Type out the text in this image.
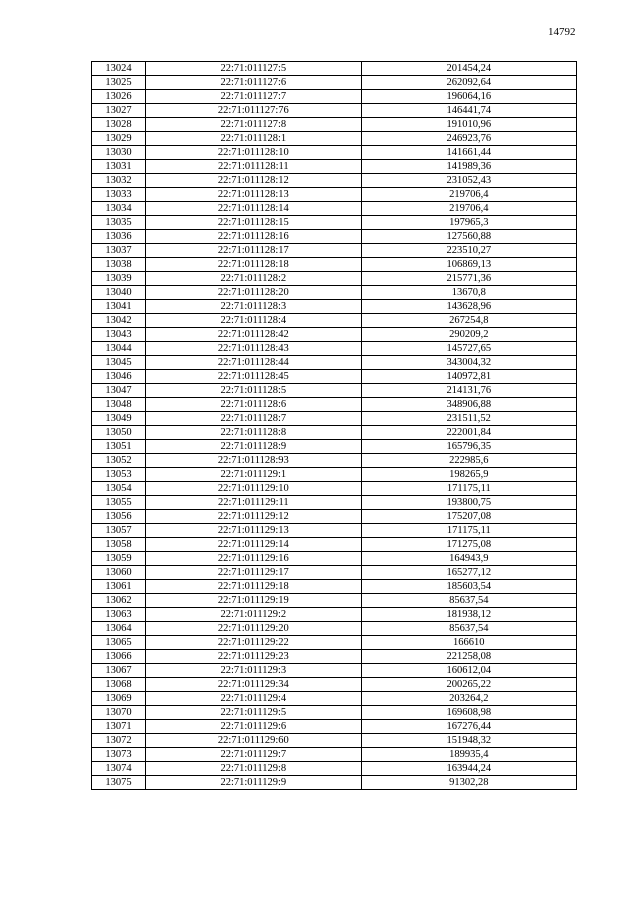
14792
13024	22:71:011127:5	201454,24
13025	22:71:011127:6	262092,64
13026	22:71:011127:7	196064,16
13027	22:71:011127:76	146441,74
13028	22:71:011127:8	191010,96
13029	22:71:011128:1	246923,76
13030	22:71:011128:10	141661,44
13031	22:71:011128:11	141989,36
13032	22:71:011128:12	231052,43
13033	22:71:011128:13	219706,4
13034	22:71:011128:14	219706,4
13035	22:71:011128:15	197965,3
13036	22:71:011128:16	127560,88
13037	22:71:011128:17	223510,27
13038	22:71:011128:18	106869,13
13039	22:71:011128:2	215771,36
13040	22:71:011128:20	13670,8
13041	22:71:011128:3	143628,96
13042	22:71:011128:4	267254,8
13043	22:71:011128:42	290209,2
13044	22:71:011128:43	145727,65
13045	22:71:011128:44	343004,32
13046	22:71:011128:45	140972,81
13047	22:71:011128:5	214131,76
13048	22:71:011128:6	348906,88
13049	22:71:011128:7	231511,52
13050	22:71:011128:8	222001,84
13051	22:71:011128:9	165796,35
13052	22:71:011128:93	222985,6
13053	22:71:011129:1	198265,9
13054	22:71:011129:10	171175,11
13055	22:71:011129:11	193800,75
13056	22:71:011129:12	175207,08
13057	22:71:011129:13	171175,11
13058	22:71:011129:14	171275,08
13059	22:71:011129:16	164943,9
13060	22:71:011129:17	165277,12
13061	22:71:011129:18	185603,54
13062	22:71:011129:19	85637,54
13063	22:71:011129:2	181938,12
13064	22:71:011129:20	85637,54
13065	22:71:011129:22	166610
13066	22:71:011129:23	221258,08
13067	22:71:011129:3	160612,04
13068	22:71:011129:34	200265,22
13069	22:71:011129:4	203264,2
13070	22:71:011129:5	169608,98
13071	22:71:011129:6	167276,44
13072	22:71:011129:60	151948,32
13073	22:71:011129:7	189935,4
13074	22:71:011129:8	163944,24
13075	22:71:011129:9	91302,28
